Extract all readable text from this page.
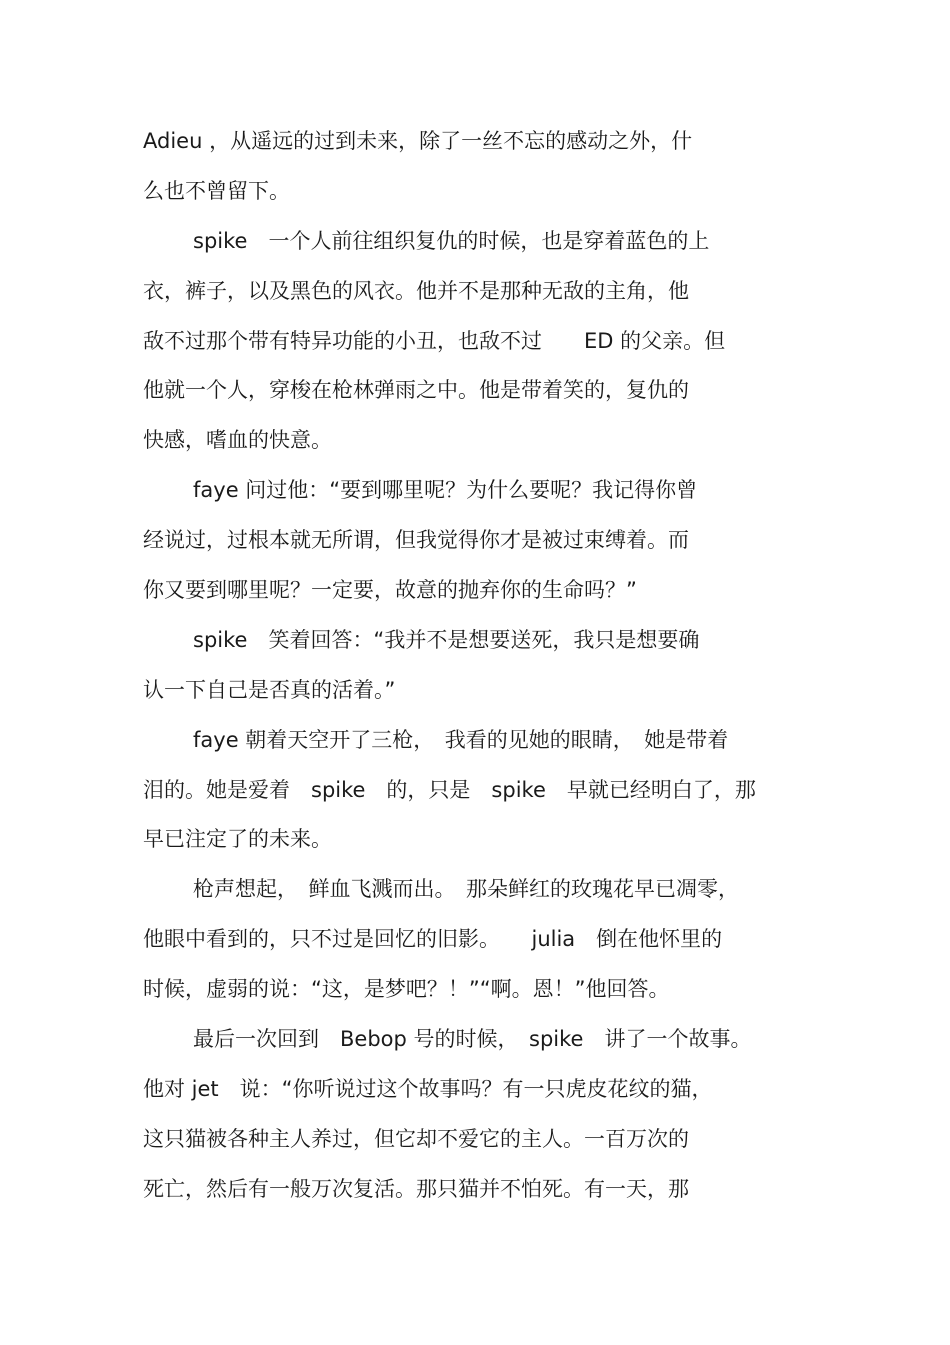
Adieu ，从遥远的过到未来，除了一丝不忘的感动之外，什
么也不曾留下。
spike　一个人前往组织复仇的时候，也是穿着蓝色的上
衣，裤子，以及黑色的风衣。他并不是那种无敌的主角，他
敌不过那个带有特异功能的小丑，也敌不过　　ED 的父亲。但
他就一个人，穿梭在枪林弹雨之中。他是带着笑的，复仇的
快感，嗜血的快意。
faye 问过他：“要到哪里呢？为什么要呢？我记得你曾
经说过，过根本就无所谓，但我觉得你才是被过束缚着。而
你又要到哪里呢？一定要，故意的抛弃你的生命吗？”
spike　笑着回答：“我并不是想要送死，我只是想要确
认一下自己是否真的活着。”
faye 朝着天空开了三枪，　我看的见她的眼睛，　她是带着
泪的。她是爱着　spike　的，只是　spike　早就已经明白了，那
早已注定了的未来。
枪声想起，　鲜血飞溅而出。　那朵鲜红的玫瑰花早已凋零，
他眼中看到的，只不过是回忆的旧影。　　julia　倒在他怀里的
时候，虚弱的说：“这，是梦吧？！”“啊。恩！”他回答。
最后一次回到　Bebop 号的时候，　spike　讲了一个故事。
他对 jet　说：“你听说过这个故事吗？有一只虎皮花纹的猫，
这只猫被各种主人养过，但它却不爱它的主人。一百万次的
死亡，然后有一般万次复活。那只猫并不怕死。有一天，那
